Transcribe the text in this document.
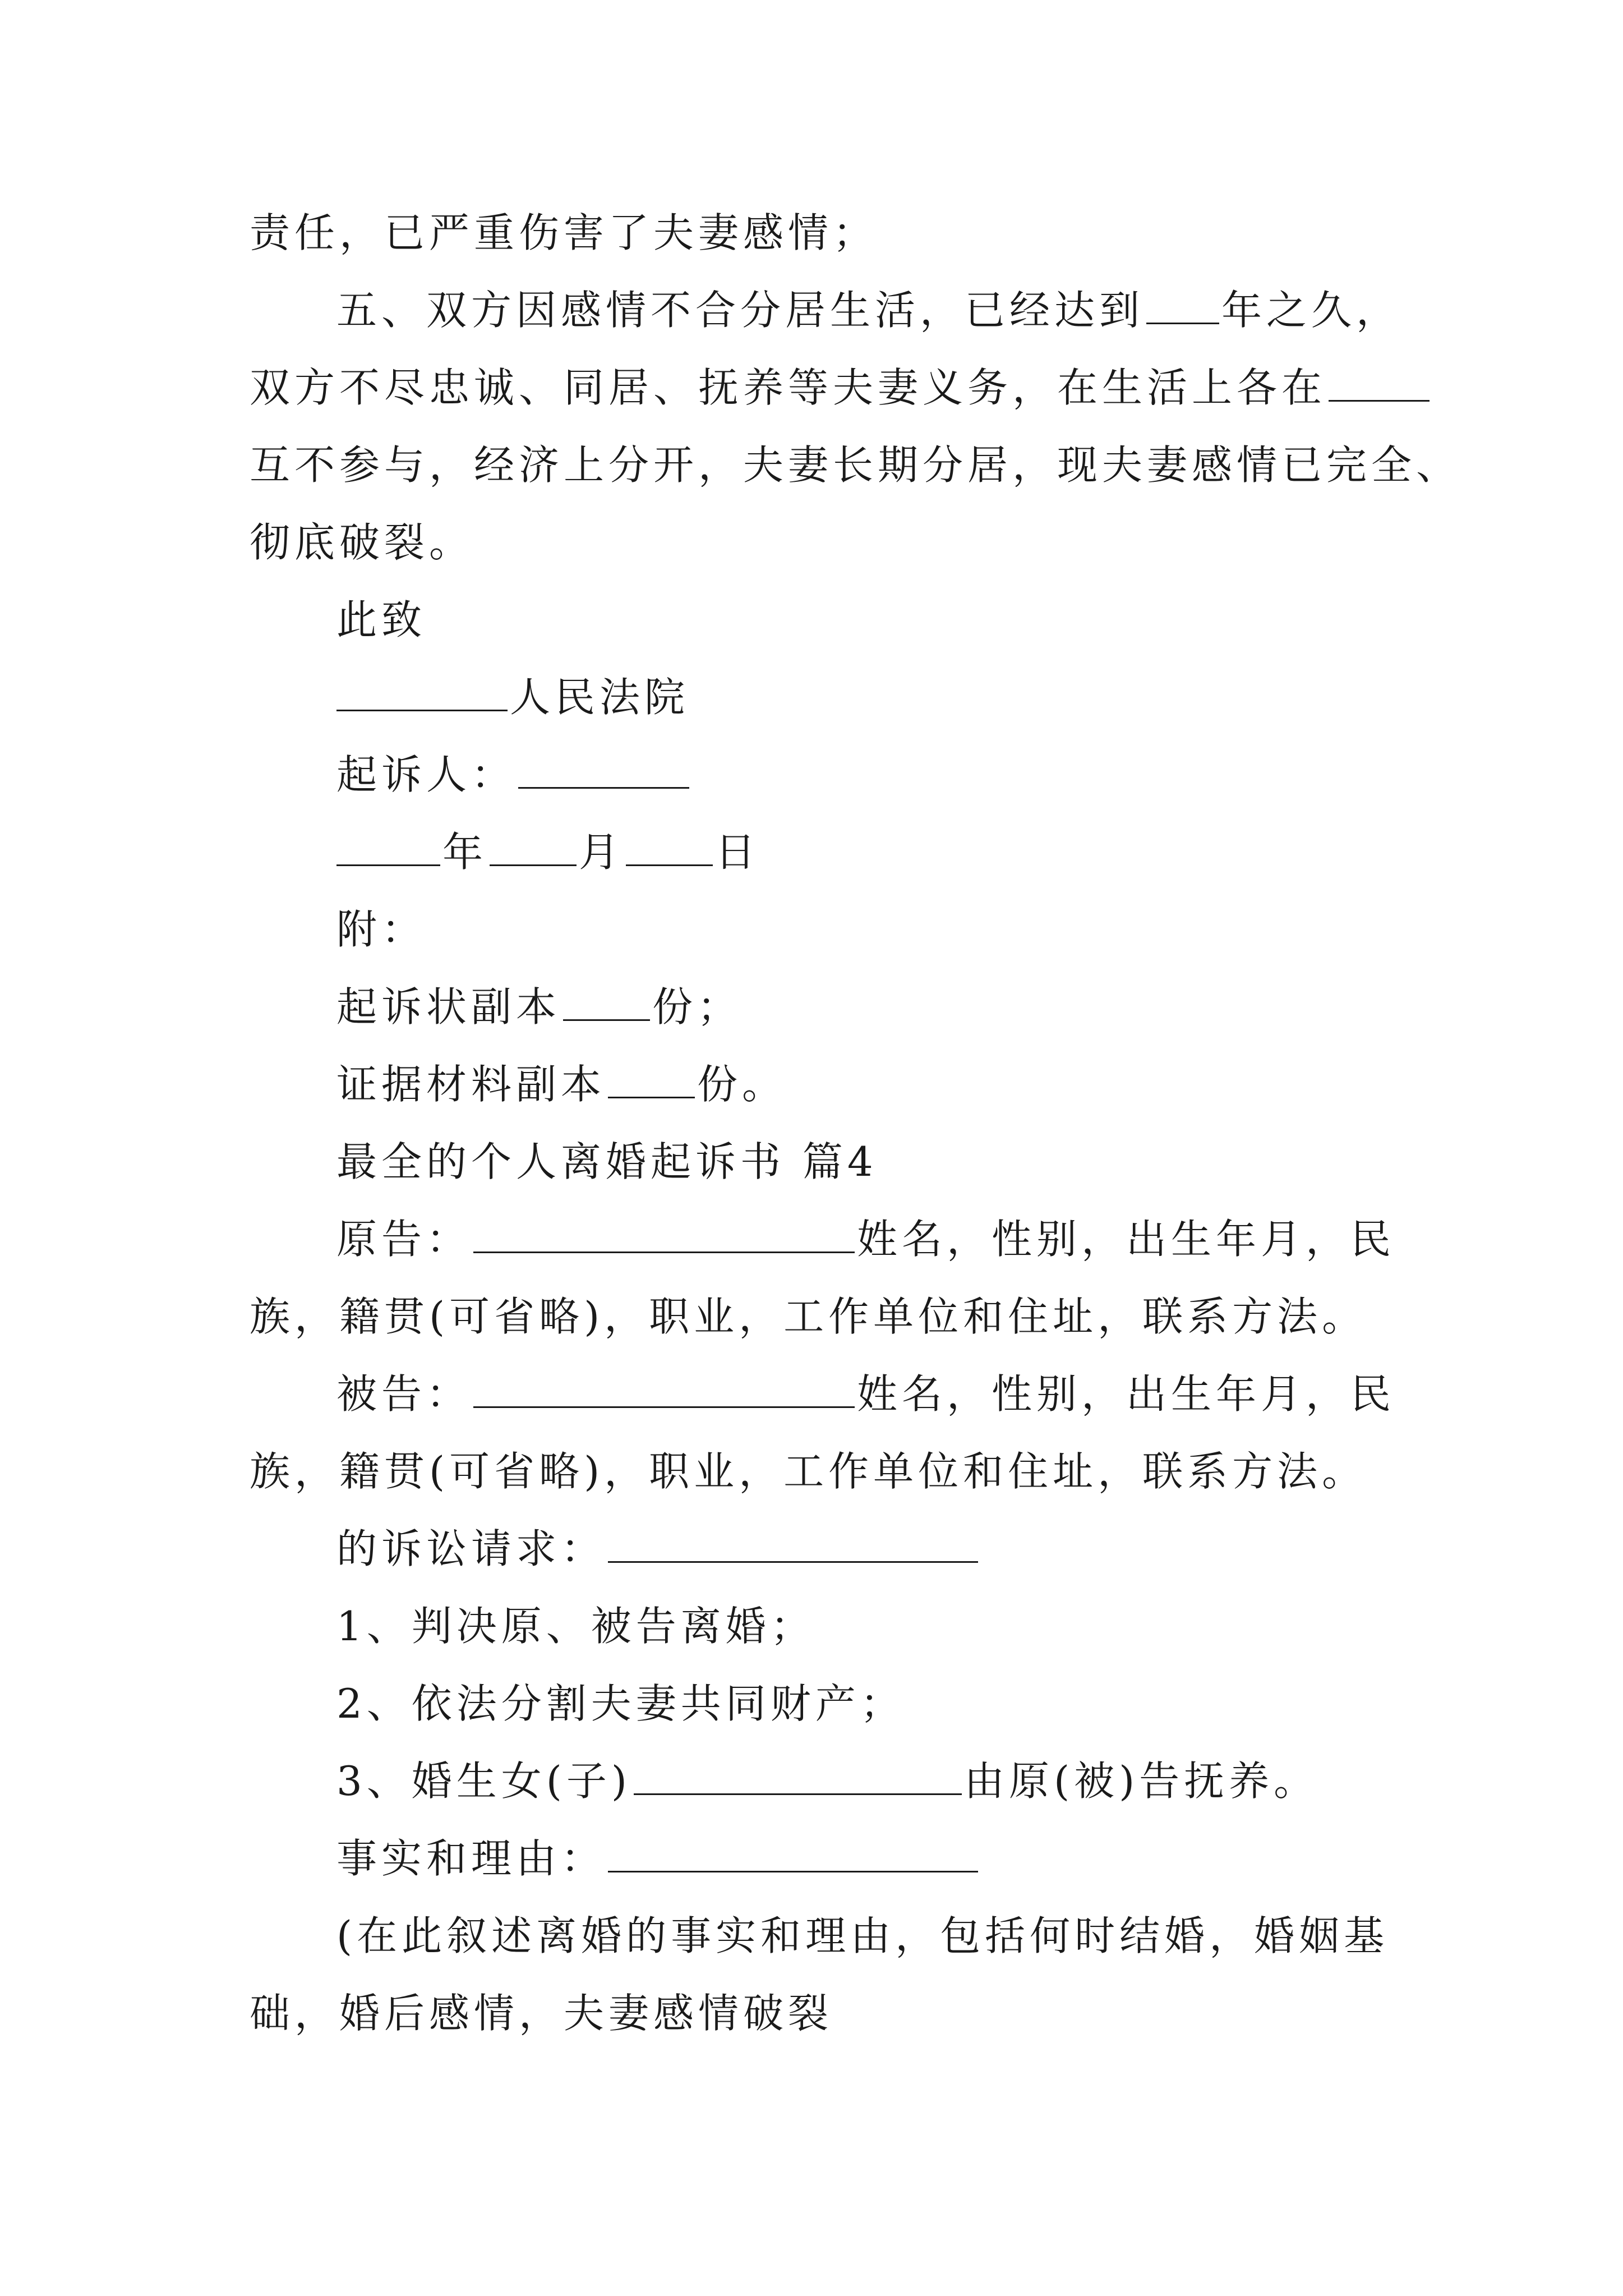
责任，已严重伤害了夫妻感情；
五、双方因感情不合分居生活，已经达到 年之久，
双方不尽忠诚、同居、抚养等夫妻义务，在生活上各在
互不参与，经济上分开，夫妻长期分居，现夫妻感情已完全、
彻底破裂。
此致
人民法院
起诉人：
年 月 日
附：
起诉状副本 份；
证据材料副本 份。
最全的个人离婚起诉书 篇4
原告：	姓名，性别，出生年月，民
族，籍贯(可省略)，职业，工作单位和住址，联系方法。
被告：	姓名，性别，出生年月，民
族，籍贯(可省略)，职业，工作单位和住址，联系方法。
的诉讼请求：
1、判决原、被告离婚；
2、依法分割夫妻共同财产；
3、婚生女(子)	由原(被)告抚养。
事实和理由：
(在此叙述离婚的事实和理由，包括何时结婚，婚姻基
础，婚后感情，夫妻感情破裂
